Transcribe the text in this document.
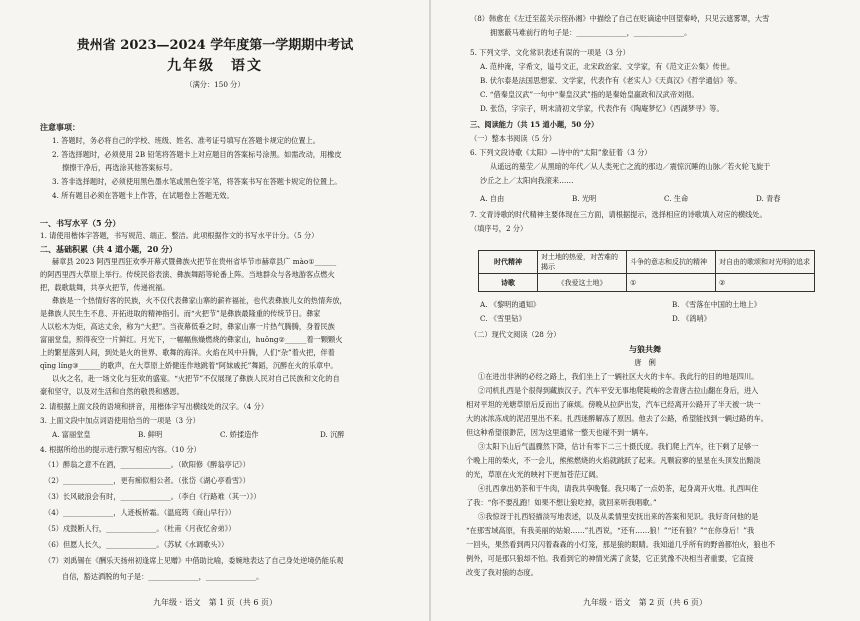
贵州省 2023—2024 学年度第一学期期中考试
九年级　语文
（满分：150 分）
注意事项：
1. 答题时，务必将自己的学校、班级、姓名、准考证号填写在答题卡规定的位置上。
2. 答选择题时，必须使用 2B 铅笔将答题卡上对应题目的答案标号涂黑。如需改动，用橡皮
擦擦干净后，再选涂其他答案标号。
3. 答非选择题时，必须使用黑色墨水笔或黑色签字笔，将答案书写在答题卡规定的位置上。
4. 所有题目必须在答题卡上作答，在试题卷上答题无效。
一、书写水平（5 分）
1. 请使用楷体字答题，书写规范、端正、整洁。此项根据作文的书写水平计分。（5 分）
二、基础积累（共 4 道小题，20 分）
赫章县 2023 阿西里西狂欢季开幕式暨彝族火把节在贵州省毕节市赫章县广 mào①______
的阿西里西大草原上举行。传统民俗表演、彝族舞蹈等轮番上阵。当地群众与各地游客点燃火
把，载歌载舞，共享火把节，传递祝福。
彝族是一个热情好客的民族，火不仅代表彝家山寨的薪祚福祉，也代表彝族儿女的热情奔放，
是彝族人民生生不息、开拓进取的精神指引。而“火把节”是彝族最隆重的传统节日。彝家
人以松木为炬，高达丈余，称为“大把”。当夜幕低垂之时，彝家山寨一片热气腾腾，身着民族
富丽堂皇，照得夜空一片鲜红。月光下，一幅幅焦燥燃烧的彝家山，huǒng②______着一颗颗火
上的繁星落到人间，到处是火的世界、歌舞的海洋。火焰在风中升腾，人们“杂”着火把，伴着
qīng líng③______的歌声，在大草原上娇健连作地跳着“阿妹戚托”舞蹈，沉醉在火的乐章中。
以火之名，赴一场文化与狂欢的盛宴。“火把节”不仅展现了彝族人民对自己民族和文化的自
豪和坚守，以及对生活和自然的敬畏和感恩。
2. 请根据上面文段的语境和拼音，用楷体字写出横线处的汉字。（4 分）
3. 上面文段中加点词语使用恰当的一项是（3 分）
A. 富丽堂皇	B. 鲜明	C. 娇揉造作	D. 沉醉
4. 根据所给出的提示进行默写相应内容。（10 分）
（1）醉翁之意不在酒，______________。（欧阳修《醉翁亭记》）
（2）______________，更有痴似相公者。（张岱《湖心亭看雪》）
（3）长风破浪会有时，______________。（李白《行路难（其一）》）
（4）______________，人迹板桥霜。（温庭筠《商山早行》）
（5）戍鼓断人行，______________。（杜甫《月夜忆舍弟》）
（6）但愿人长久，______________。（苏轼《水调歌头》）
（7）刘禹锡在《酬乐天扬州初逢席上见赠》中借助比喻，委婉地表达了自己身处逆境仍能乐观
自信，豁达洒脱的句子是：______________，______________。
九年级 · 语文　第 1 页（共 6 页）
（8）韩愈在《左迁至蓝关示侄孙湘》中描绘了自己在贬谪途中回望秦岭，只见云遮雾罩，大雪
拥塞蔽马难前行的句子是：______________，______________。
5. 下列文学、文化常识表述有误的一项是（3 分）
A. 范仲淹，字希文，谥号文正，北宋政治家、文学家，有《范文正公集》传世。
B. 伏尔泰是法国思想家、文学家，代表作有《老实人》《天真汉》《哲学通信》等。
C. “借秦皇汉武”一句中“秦皇汉武”指的是秦始皇嬴政和汉武帝刘彻。
D. 张岱，字宗子，明末清初文学家，代表作有《陶庵梦忆》《西湖梦寻》等。
三、阅读能力（共 15 道小题，50 分）
（一）整本书阅读（5 分）
6. 下列文段诗歌《太阳》—诗中的“太阳”象征着（3 分）
从遥远的墓茔／从黑暗的年代／从人类死亡之流的那边／震惊沉睡的山脉／若火轮飞旋于
沙丘之上／太阳向我滚来……
A. 自由	B. 光明	C. 生命	D. 青春
7. 文青诗歌的时代精神主要体现在三方面，请根据提示，选择相应的诗歌填入对应的横线处。
（填序号，2 分）
时代精神	对土地的热爱，对苦难的揭示	斗争的意志和反抗的精神	对自由的歌颂和对光明的追求
诗歌	《我爱这土地》	①	②
A. 《黎明的通知》	B. 《雪落在中国的土地上》
C. 《雪里钻》	D. 《鸽哨》
（二）现代文阅读（28 分）
与狼共舞
唐　俐
①在进出非洲的必经之路上，我们坐上了一辆社区大火的卡车。我此行的目的地是四川。
②司机扎西是个很得到藏族汉子。汽车平安无事地爬陡峻的念青唐古拉山翻在身后，进入
相对平坦的羌塘草原后反而出了麻烦。傍晚从拉萨出发，汽车已经离开公路开了半天被一块一
大的冰浓冻成的泥沼里出不来。扎西迷醉解冻了原因。他去了公路，希望能找到一辆过路的车。
但这种希望很渺茫，因为这里通常一整天也碰不到一辆车。
③太阳下山后气温骤然下降，估计有零下二三十摄氏度。我们爬上汽车，往下剩了足够一
个晚上用的柴火，不一会儿，熊熊燃烧的火焰就跳跃了起来。凡颗寂寥的星星在头顶发出黯淡
的光，草原在火光的映衬下更加苍茫辽阔。
④扎西拿出奶茶和干牛肉，请我共享晚餐。我只喝了一点奶茶，起身离开火堆。扎西叫住
了我：“你不要乱跑！如果不想让狼吃掉，就回来听我唱歌。”
⑤我惊讶于扎西轻描淡写地表述，以及从柔情里安抚出来的答案和见识。我好奇问他的是
“在那雪域高原，有我美丽的姑娘……”扎西说，“还有……狼！”“还有狼？”“在你身后！”我
一回头，果然看到两只闪着森森的小灯笼，那是狼的眼睛。我知道几乎所有的野兽都怕火，狼也不
例外，可是那只狼却不怕。我看到它的神情光满了贪婪，它正犹豫不决相当者重要，它直接
改变了我对狼的态度。
九年级 · 语文　第 2 页（共 6 页）
